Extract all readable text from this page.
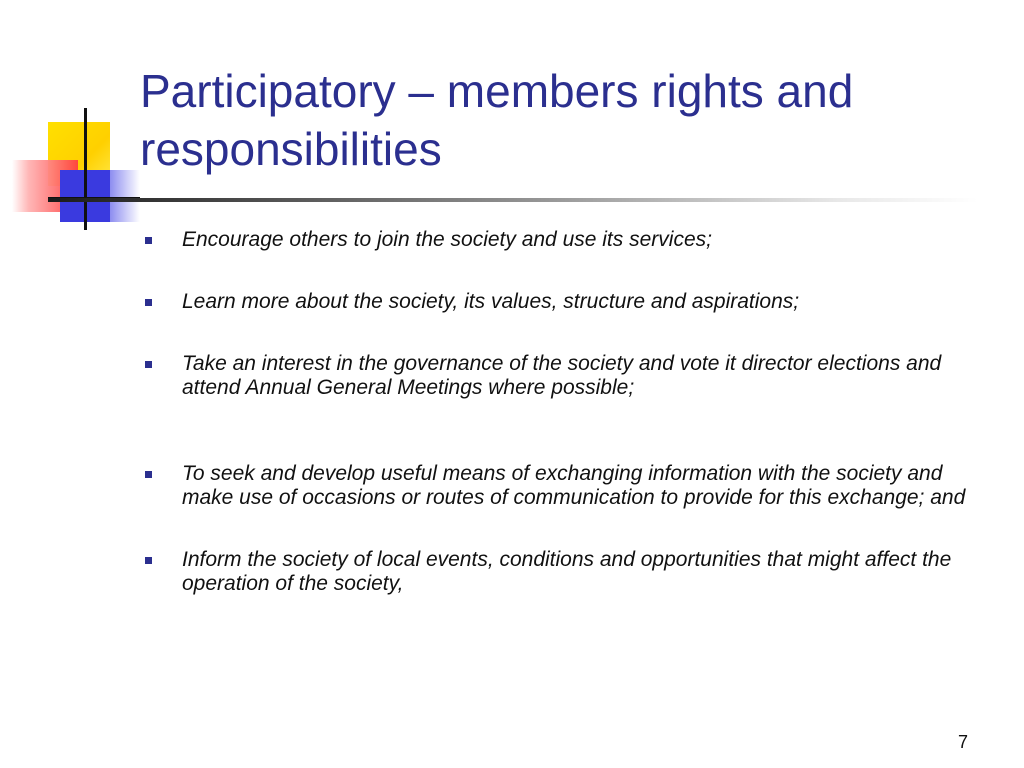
Participatory – members rights and responsibilities
Encourage others to join the society and use its services;
Learn more about the society, its values, structure and aspirations;
Take an interest in the governance of the society and vote it director elections and attend Annual General Meetings where possible;
To seek and develop useful means of exchanging information with the society and make use of occasions or routes of communication to provide for this exchange; and
Inform the society of local events, conditions and opportunities that might affect the operation of the society,
7
